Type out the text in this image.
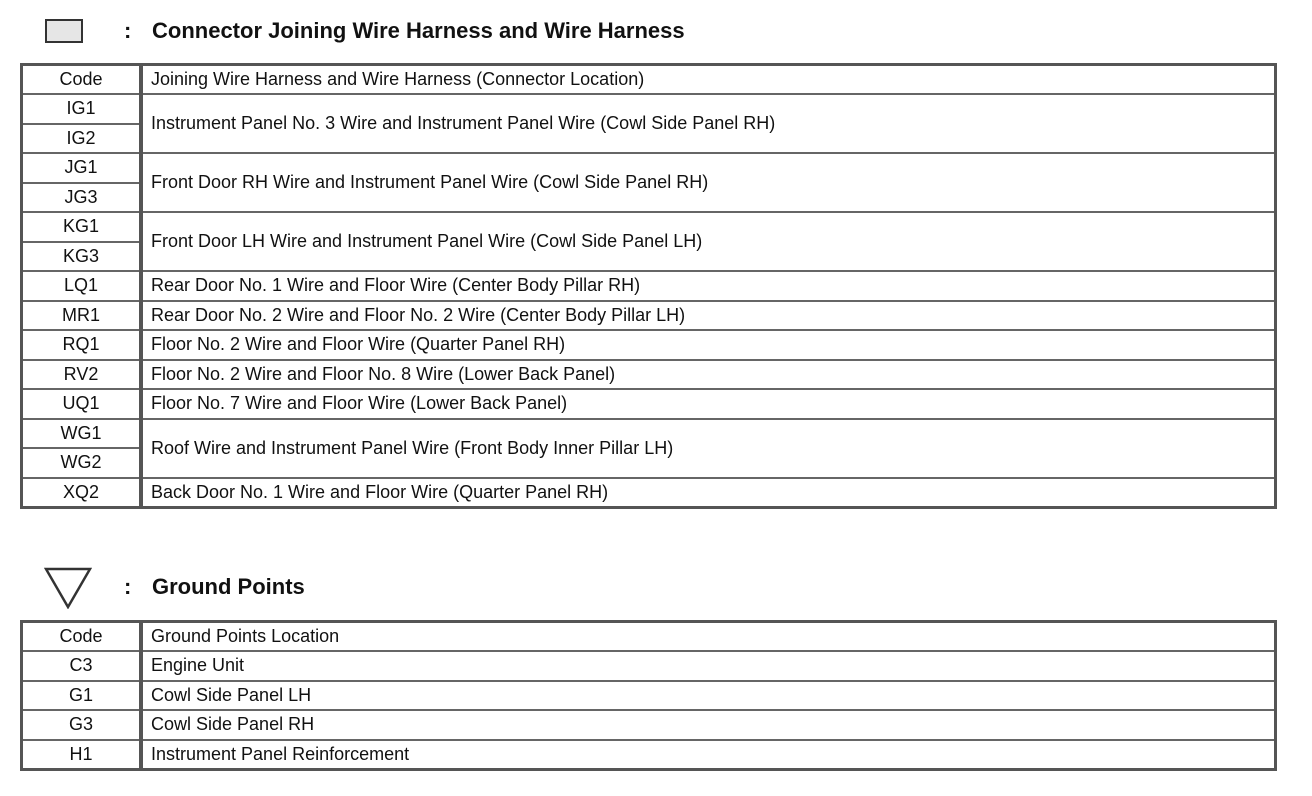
: Connector Joining Wire Harness and Wire Harness
Code	Joining Wire Harness and Wire Harness (Connector Location)
IG1	Instrument Panel No. 3 Wire and Instrument Panel Wire (Cowl Side Panel RH)
IG2	
JG1	Front Door RH Wire and Instrument Panel Wire (Cowl Side Panel RH)
JG3	
KG1	Front Door LH Wire and Instrument Panel Wire (Cowl Side Panel LH)
KG3	
LQ1	Rear Door No. 1 Wire and Floor Wire (Center Body Pillar RH)
MR1	Rear Door No. 2 Wire and Floor No. 2 Wire (Center Body Pillar LH)
RQ1	Floor No. 2 Wire and Floor Wire (Quarter Panel RH)
RV2	Floor No. 2 Wire and Floor No. 8 Wire (Lower Back Panel)
UQ1	Floor No. 7 Wire and Floor Wire (Lower Back Panel)
WG1	Roof Wire and Instrument Panel Wire (Front Body Inner Pillar LH)
WG2	
XQ2	Back Door No. 1 Wire and Floor Wire (Quarter Panel RH)
: Ground Points
Code	Ground Points Location
C3	Engine Unit
G1	Cowl Side Panel LH
G3	Cowl Side Panel RH
H1	Instrument Panel Reinforcement
